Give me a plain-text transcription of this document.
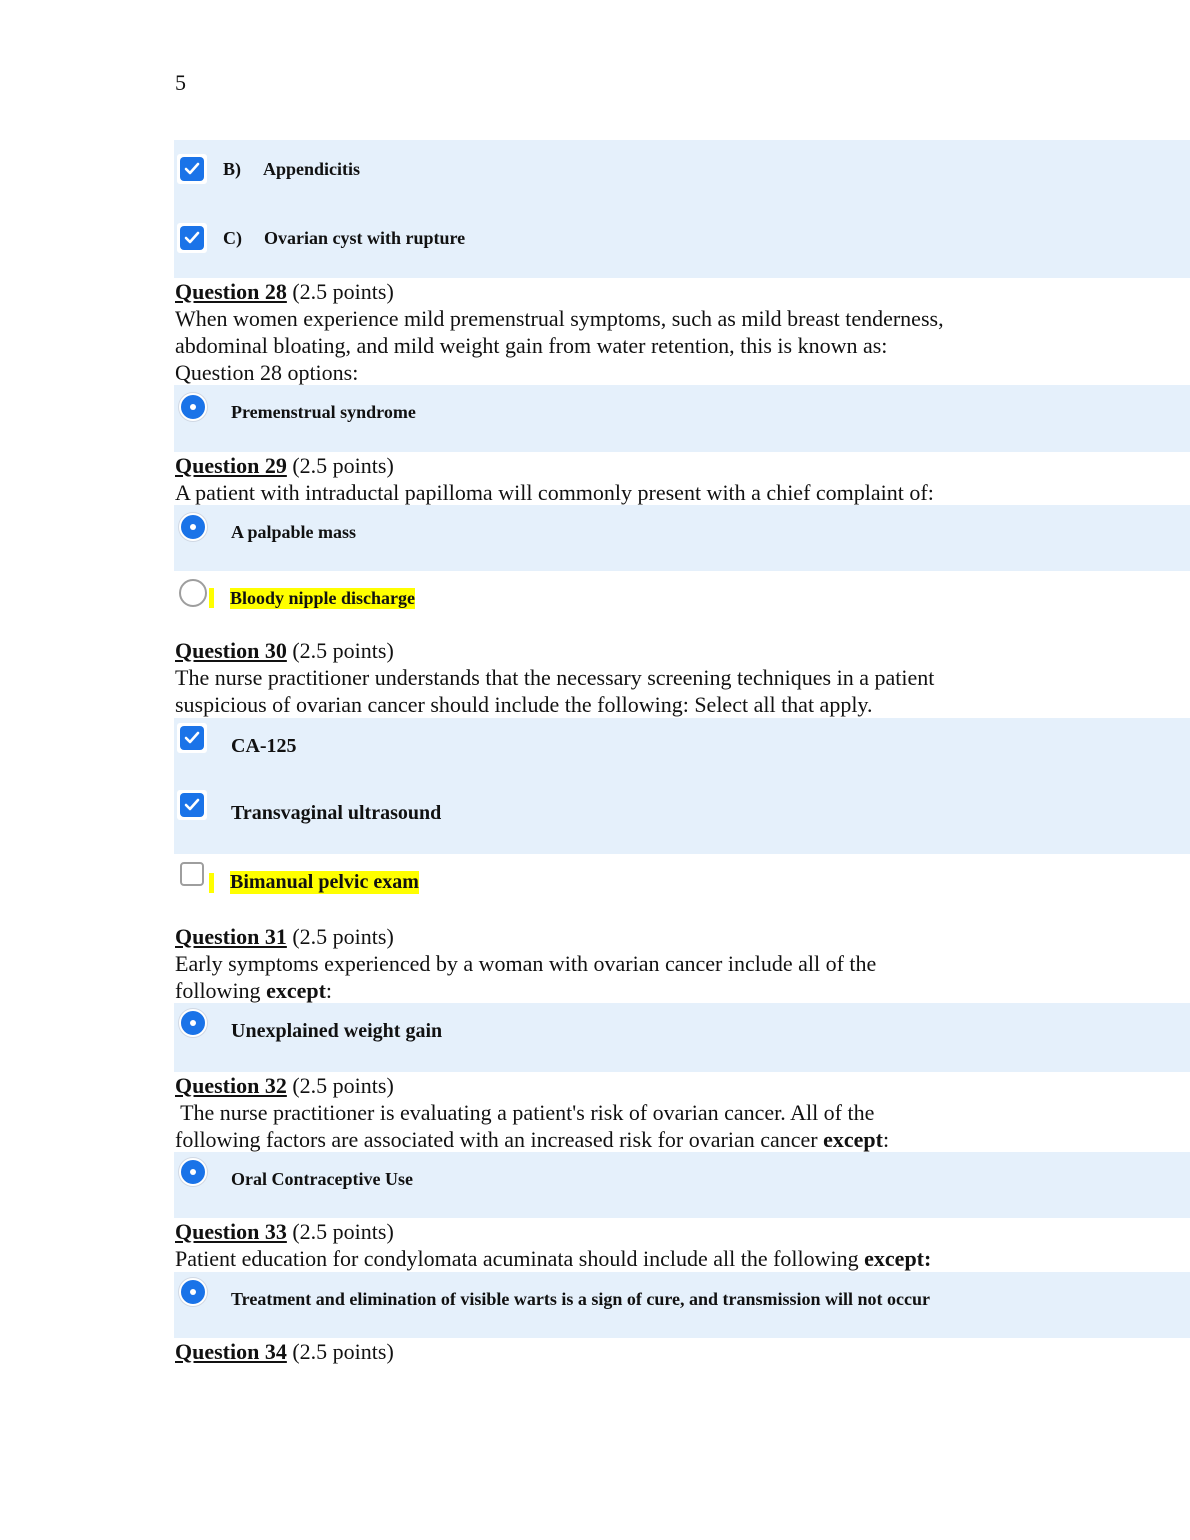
5
B) Appendicitis
C) Ovarian cyst with rupture
Question 28 (2.5 points)
When women experience mild premenstrual symptoms, such as mild breast tenderness,
abdominal bloating, and mild weight gain from water retention, this is known as:
Question 28 options:
Premenstrual syndrome
Question 29 (2.5 points)
A patient with intraductal papilloma will commonly present with a chief complaint of:
A palpable mass
Bloody nipple discharge
Question 30 (2.5 points)
The nurse practitioner understands that the necessary screening techniques in a patient
suspicious of ovarian cancer should include the following: Select all that apply.
CA-125
Transvaginal ultrasound
Bimanual pelvic exam
Question 31 (2.5 points)
Early symptoms experienced by a woman with ovarian cancer include all of the
following except:
Unexplained weight gain
Question 32 (2.5 points)
The nurse practitioner is evaluating a patient's risk of ovarian cancer. All of the
following factors are associated with an increased risk for ovarian cancer except:
Oral Contraceptive Use
Question 33 (2.5 points)
Patient education for condylomata acuminata should include all the following except:
Treatment and elimination of visible warts is a sign of cure, and transmission will not occur
Question 34 (2.5 points)
